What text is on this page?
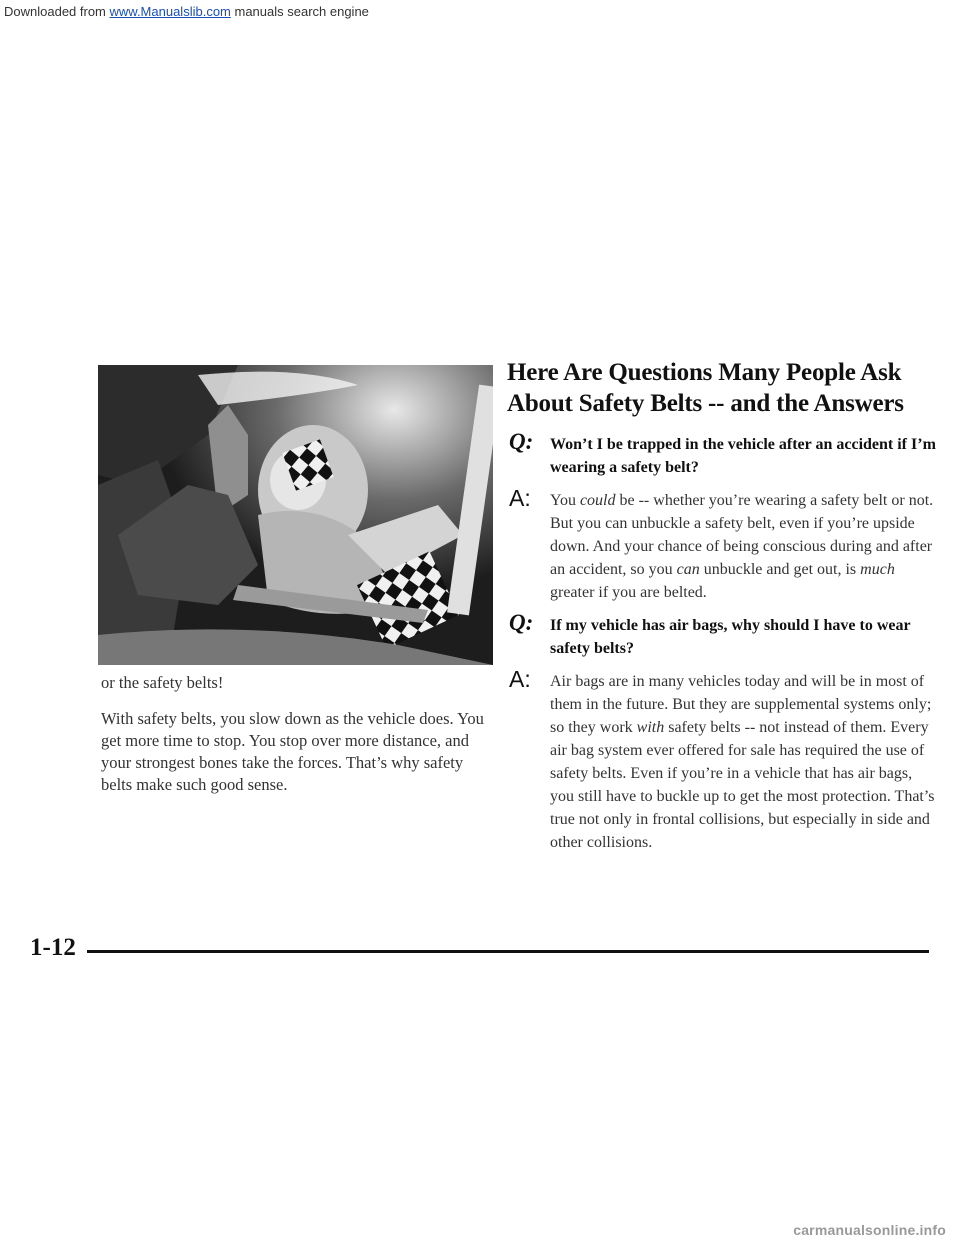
Downloaded from www.Manualslib.com manuals search engine

or the safety belts!

With safety belts, you slow down as the vehicle does. You get more time to stop. You stop over more distance, and your strongest bones take the forces. That’s why safety belts make such good sense.

Here Are Questions Many People Ask About Safety Belts -- and the Answers
Q: Won’t I be trapped in the vehicle after an accident if I’m wearing a safety belt?
A: You could be -- whether you’re wearing a safety belt or not. But you can unbuckle a safety belt, even if you’re upside down. And your chance of being conscious during and after an accident, so you can unbuckle and get out, is much greater if you are belted.
Q: If my vehicle has air bags, why should I have to wear safety belts?
A: Air bags are in many vehicles today and will be in most of them in the future. But they are supplemental systems only; so they work with safety belts -- not instead of them. Every air bag system ever offered for sale has required the use of safety belts. Even if you’re in a vehicle that has air bags, you still have to buckle up to get the most protection. That’s true not only in frontal collisions, but especially in side and other collisions.
1-12
carmanualsonline.info
